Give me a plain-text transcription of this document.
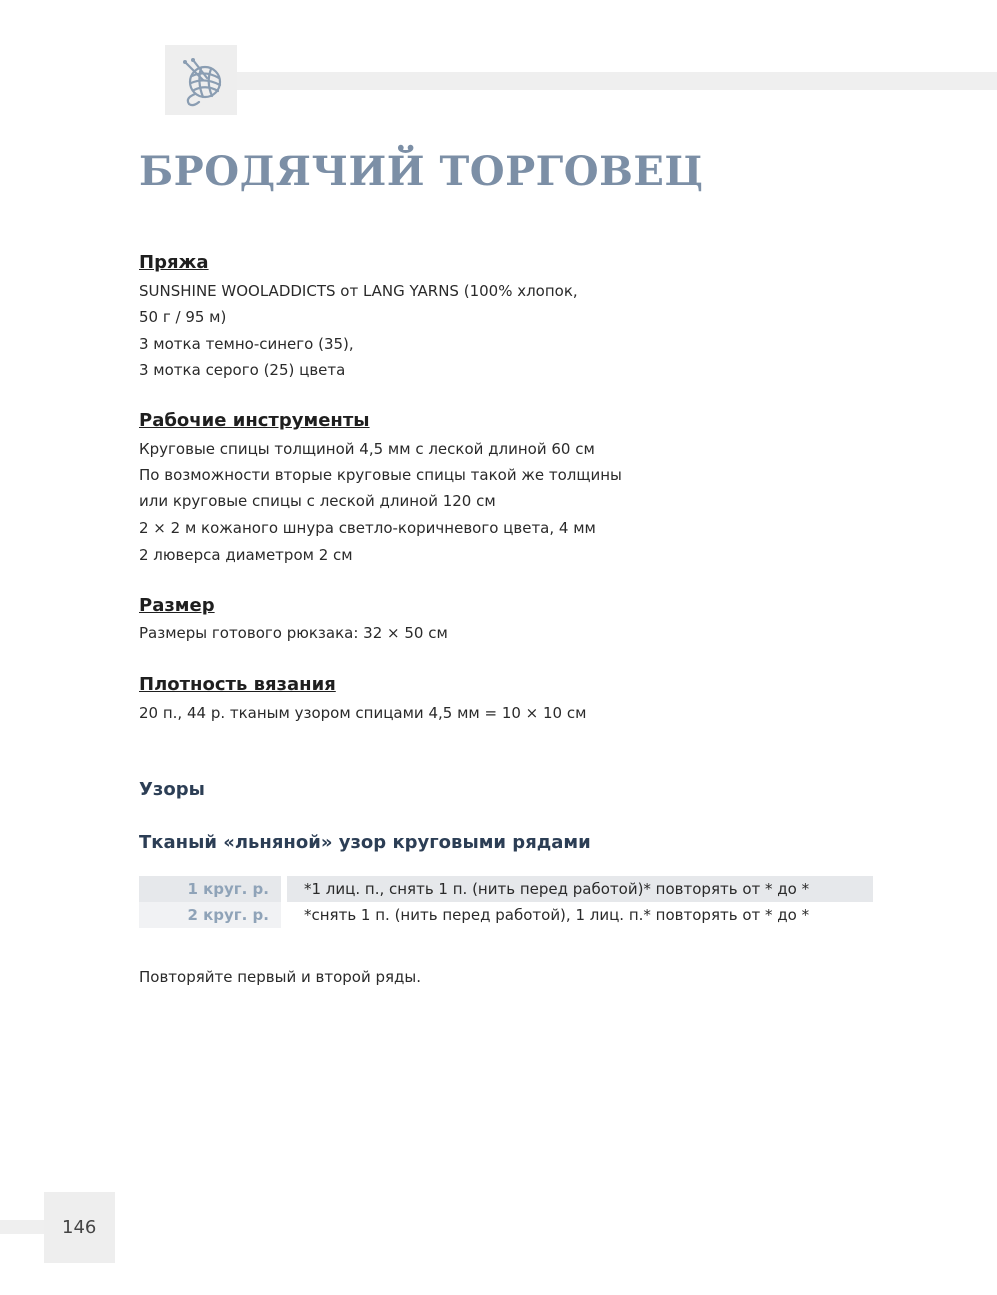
БРОДЯЧИЙ ТОРГОВЕЦ
Пряжа
SUNSHINE WOOLADDICTS от LANG YARNS (100% хлопок,
50 г / 95 м)
3 мотка темно-синего (35),
3 мотка серого (25) цвета
Рабочие инструменты
Круговые спицы толщиной 4,5 мм с леской длиной 60 см
По возможности вторые круговые спицы такой же толщины
или круговые спицы с леской длиной 120 см
2 × 2 м кожаного шнура светло-коричневого цвета, 4 мм
2 люверса диаметром 2 см
Размер
Размеры готового рюкзака: 32 × 50 см
Плотность вязания
20 п., 44 р. тканым узором спицами 4,5 мм = 10 × 10 см
Узоры
Тканый «льняной» узор круговыми рядами
1 круг. р.		*1 лиц. п., снять 1 п. (нить перед работой)* повторять от * до *
2 круг. р.		*снять 1 п. (нить перед работой), 1 лиц. п.* повторять от * до *
Повторяйте первый и второй ряды.
146
